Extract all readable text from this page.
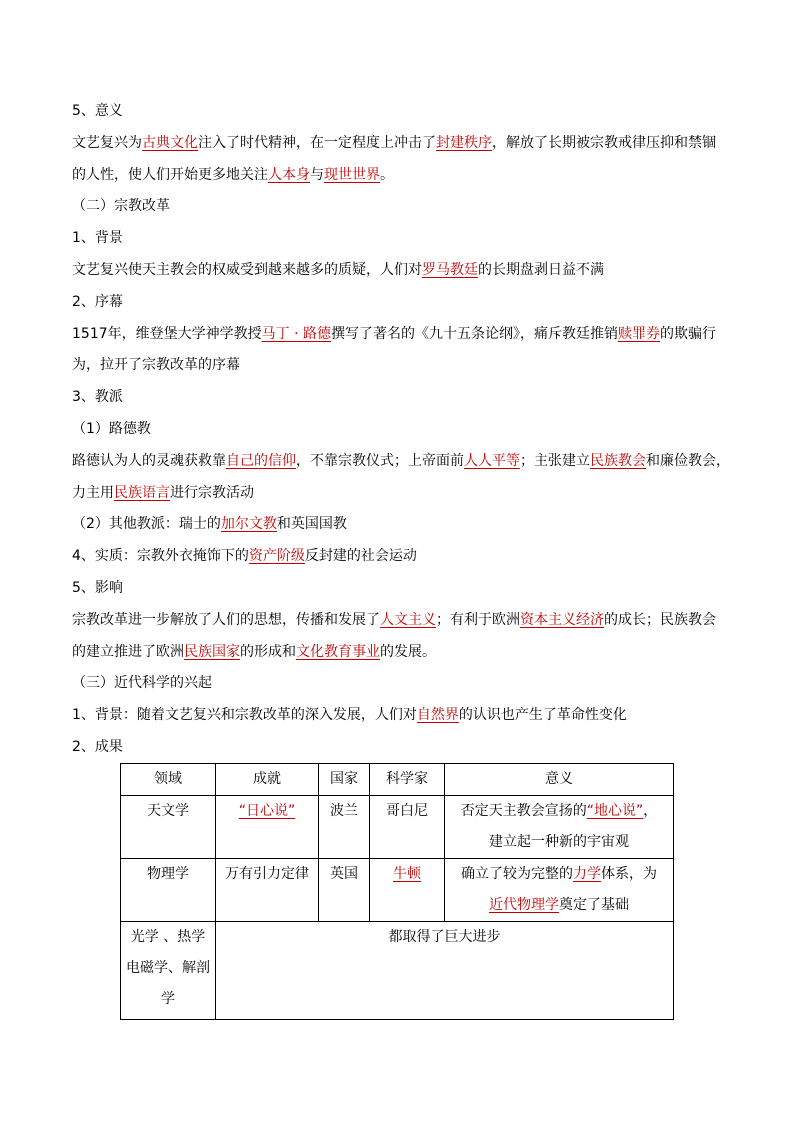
5、意义
文艺复兴为古典文化注入了时代精神，在一定程度上冲击了封建秩序，解放了长期被宗教戒律压抑和禁锢
的人性，使人们开始更多地关注人本身与现世世界。
（二）宗教改革
1、背景
文艺复兴使天主教会的权威受到越来越多的质疑，人们对罗马教廷的长期盘剥日益不满
2、序幕
1517年，维登堡大学神学教授马丁 · 路德撰写了著名的《九十五条论纲》，痛斥教廷推销赎罪券的欺骗行
为，拉开了宗教改革的序幕
3、教派
（1）路德教
路德认为人的灵魂获救靠自己的信仰，不靠宗教仪式；上帝面前人人平等；主张建立民族教会和廉俭教会，
力主用民族语言进行宗教活动
（2）其他教派：瑞士的加尔文教和英国国教
4、实质：宗教外衣掩饰下的资产阶级反封建的社会运动
5、影响
宗教改革进一步解放了人们的思想，传播和发展了人文主义；有利于欧洲资本主义经济的成长；民族教会
的建立推进了欧洲民族国家的形成和文化教育事业的发展。
（三）近代科学的兴起
1、背景：随着文艺复兴和宗教改革的深入发展，人们对自然界的认识也产生了革命性变化
2、成果
领域	成就	国家	科学家	意义
天文学	“日心说”	波兰	哥白尼	否定天主教会宣扬的“地心说”，
建立起一种新的宇宙观
物理学	万有引力定律	英国	牛顿	确立了较为完整的力学体系，为
近代物理学奠定了基础
光学 、热学
电磁学、解剖
学	都取得了巨大进步			
